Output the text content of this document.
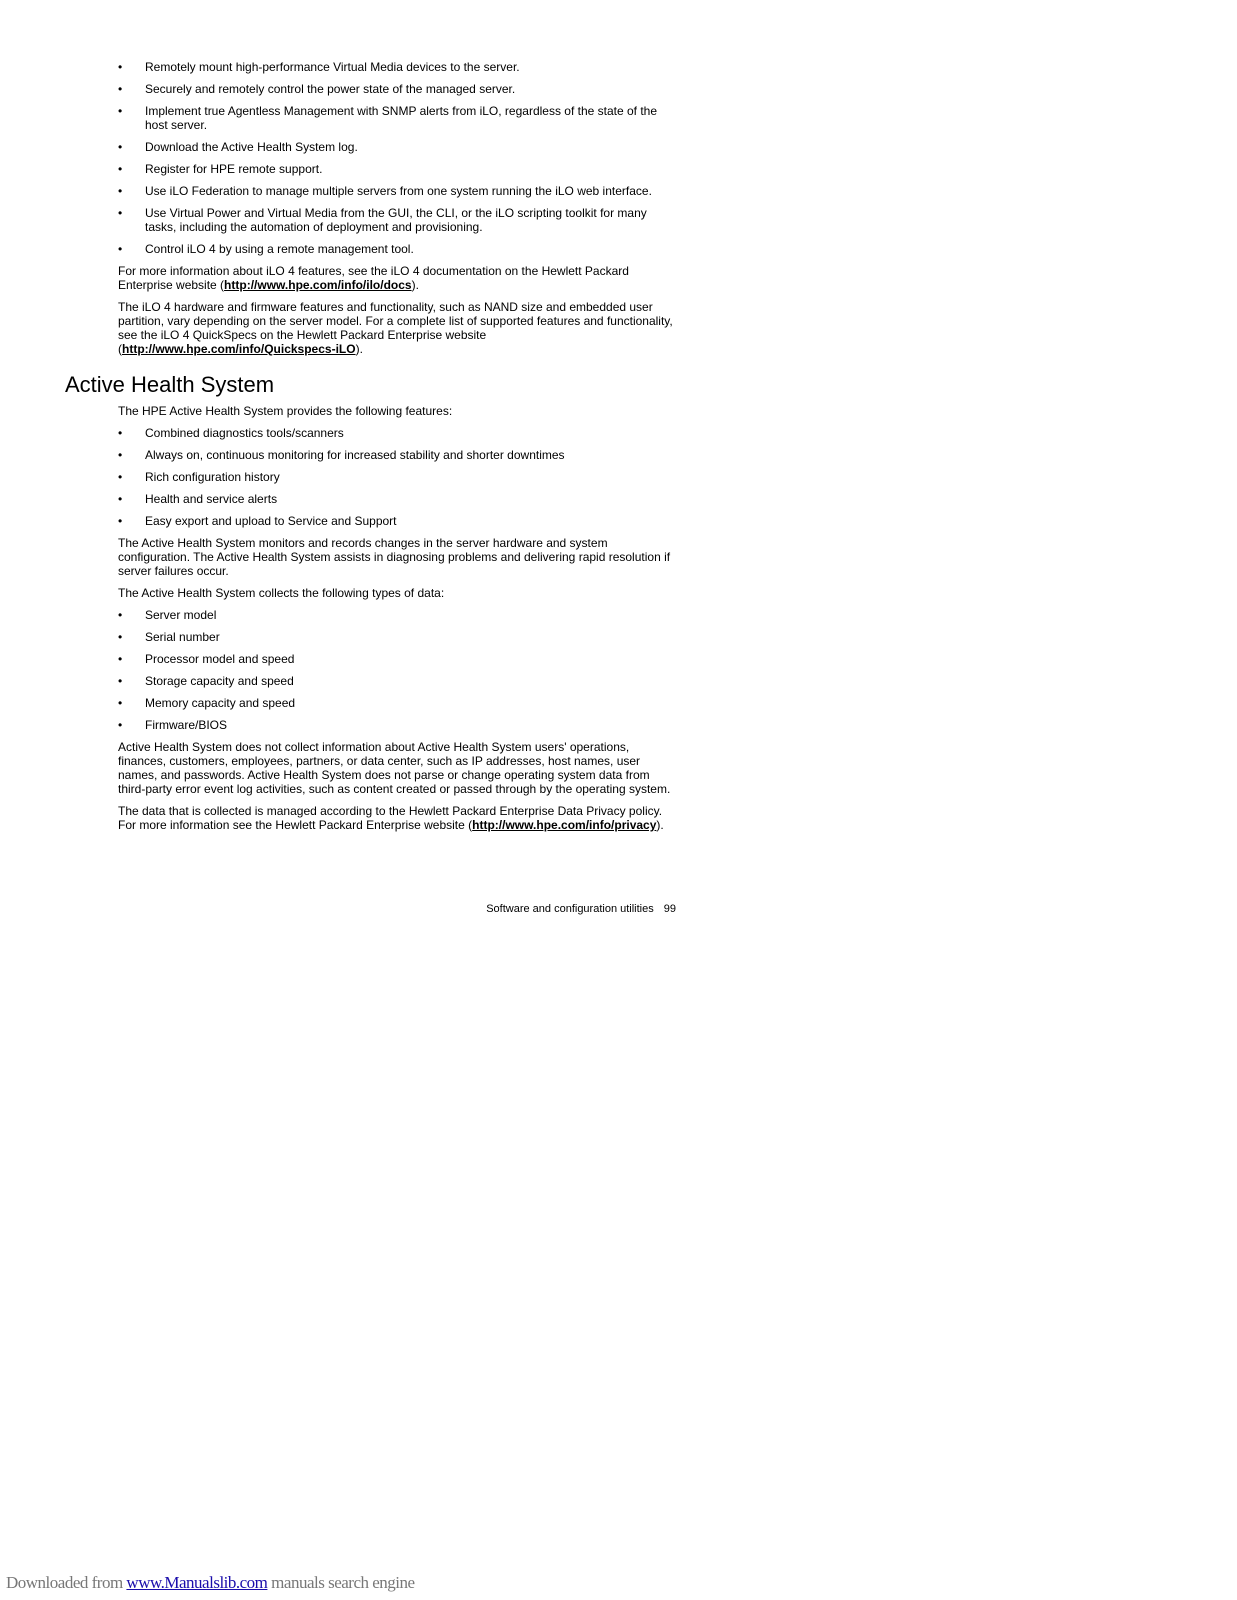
• Remotely mount high-performance Virtual Media devices to the server.
• Securely and remotely control the power state of the managed server.
• Implement true Agentless Management with SNMP alerts from iLO, regardless of the state of the host server.
• Download the Active Health System log.
• Register for HPE remote support.
• Use iLO Federation to manage multiple servers from one system running the iLO web interface.
• Use Virtual Power and Virtual Media from the GUI, the CLI, or the iLO scripting toolkit for many tasks, including the automation of deployment and provisioning.
• Control iLO 4 by using a remote management tool.

For more information about iLO 4 features, see the iLO 4 documentation on the Hewlett Packard Enterprise website (http://www.hpe.com/info/ilo/docs).

The iLO 4 hardware and firmware features and functionality, such as NAND size and embedded user partition, vary depending on the server model. For a complete list of supported features and functionality, see the iLO 4 QuickSpecs on the Hewlett Packard Enterprise website (http://www.hpe.com/info/Quickspecs-iLO).

Active Health System

The HPE Active Health System provides the following features:

• Combined diagnostics tools/scanners
• Always on, continuous monitoring for increased stability and shorter downtimes
• Rich configuration history
• Health and service alerts
• Easy export and upload to Service and Support

The Active Health System monitors and records changes in the server hardware and system configuration. The Active Health System assists in diagnosing problems and delivering rapid resolution if server failures occur.

The Active Health System collects the following types of data:

• Server model
• Serial number
• Processor model and speed
• Storage capacity and speed
• Memory capacity and speed
• Firmware/BIOS

Active Health System does not collect information about Active Health System users' operations, finances, customers, employees, partners, or data center, such as IP addresses, host names, user names, and passwords. Active Health System does not parse or change operating system data from third-party error event log activities, such as content created or passed through by the operating system.

The data that is collected is managed according to the Hewlett Packard Enterprise Data Privacy policy. For more information see the Hewlett Packard Enterprise website (http://www.hpe.com/info/privacy).

Software and configuration utilities 99
Downloaded from www.Manualslib.com manuals search engine
